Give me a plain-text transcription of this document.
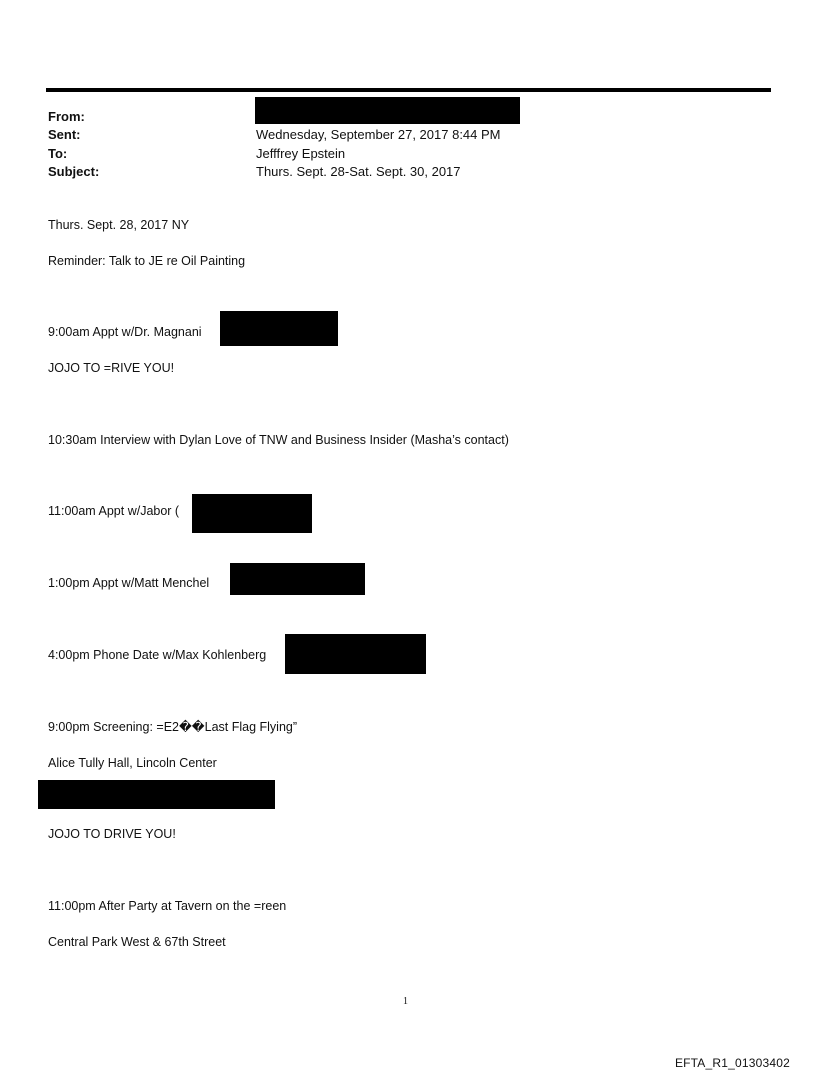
From:
Sent:	Wednesday, September 27, 2017 8:44 PM
To:	Jefffrey Epstein
Subject:	Thurs. Sept. 28-Sat. Sept. 30, 2017
Thurs. Sept. 28, 2017 NY
Reminder: Talk to JE re Oil Painting
9:00am Appt w/Dr. Magnani
JOJO TO =RIVE YOU!
10:30am Interview with Dylan Love of TNW and Business Insider (Masha’s contact)
11:00am Appt w/Jabor (
1:00pm Appt w/Matt Menchel
4:00pm Phone Date w/Max Kohlenberg
9:00pm Screening: =E2��Last Flag Flying”
Alice Tully Hall, Lincoln Center
JOJO TO DRIVE YOU!
11:00pm After Party at Tavern on the =reen
Central Park West & 67th Street
1
EFTA_R1_01303402
